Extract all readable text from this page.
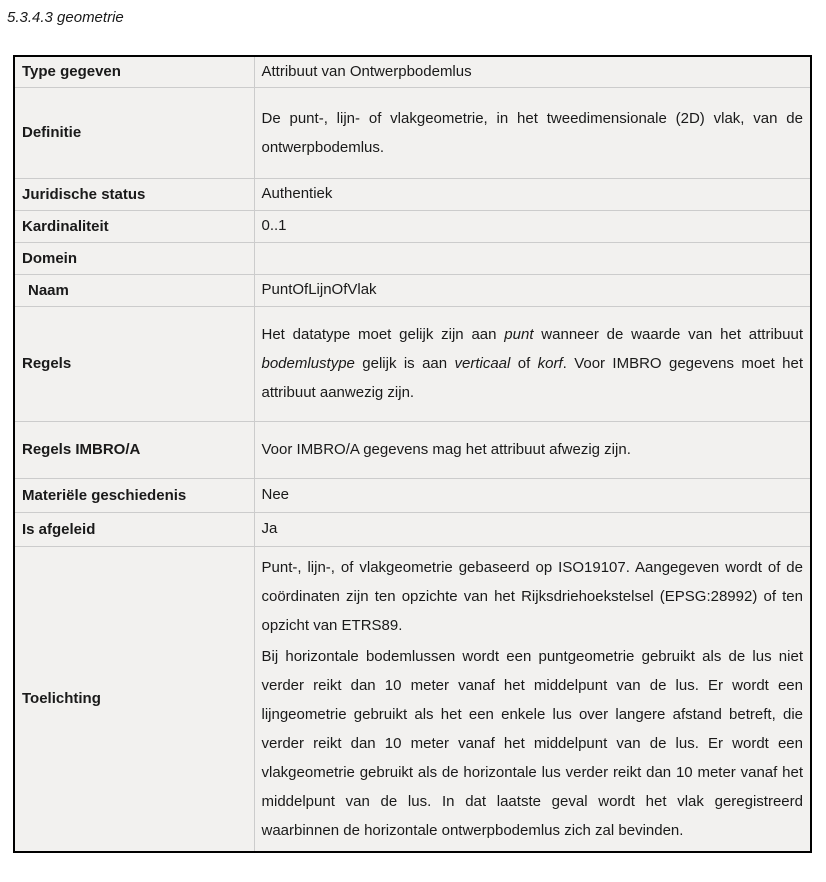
5.3.4.3 geometrie
Type gegeven	Attribuut van Ontwerpbodemlus

Definitie	De punt-, lijn- of vlakgeometrie, in het tweedimensionale (2D) vlak, van de ontwerpbodemlus.

Juridische status	Authentiek

Kardinaliteit	0..1

Domein	
Naam	PuntOfLijnOfVlak

Regels	Het datatype moet gelijk zijn aan punt wanneer de waarde van het attribuut bodemlustype gelijk is aan verticaal of korf. Voor IMBRO gegevens moet het attribuut aanwezig zijn.

Regels IMBRO/A	Voor IMBRO/A gegevens mag het attribuut afwezig zijn.

Materiële geschiedenis	Nee

Is afgeleid	Ja

Toelichting	Punt-, lijn-, of vlakgeometrie gebaseerd op ISO19107. Aangegeven wordt of de coördinaten zijn ten opzichte van het Rijksdriehoekstelsel (EPSG:28992) of ten opzicht van ETRS89.

Bij horizontale bodemlussen wordt een puntgeometrie gebruikt als de lus niet verder reikt dan 10 meter vanaf het middelpunt van de lus. Er wordt een lijngeometrie gebruikt als het een enkele lus over langere afstand betreft, die verder reikt dan 10 meter vanaf het middelpunt van de lus. Er wordt een vlakgeometrie gebruikt als de horizontale lus verder reikt dan 10 meter vanaf het middelpunt van de lus. In dat laatste geval wordt het vlak geregistreerd waarbinnen de horizontale ontwerpbodemlus zich zal bevinden.
